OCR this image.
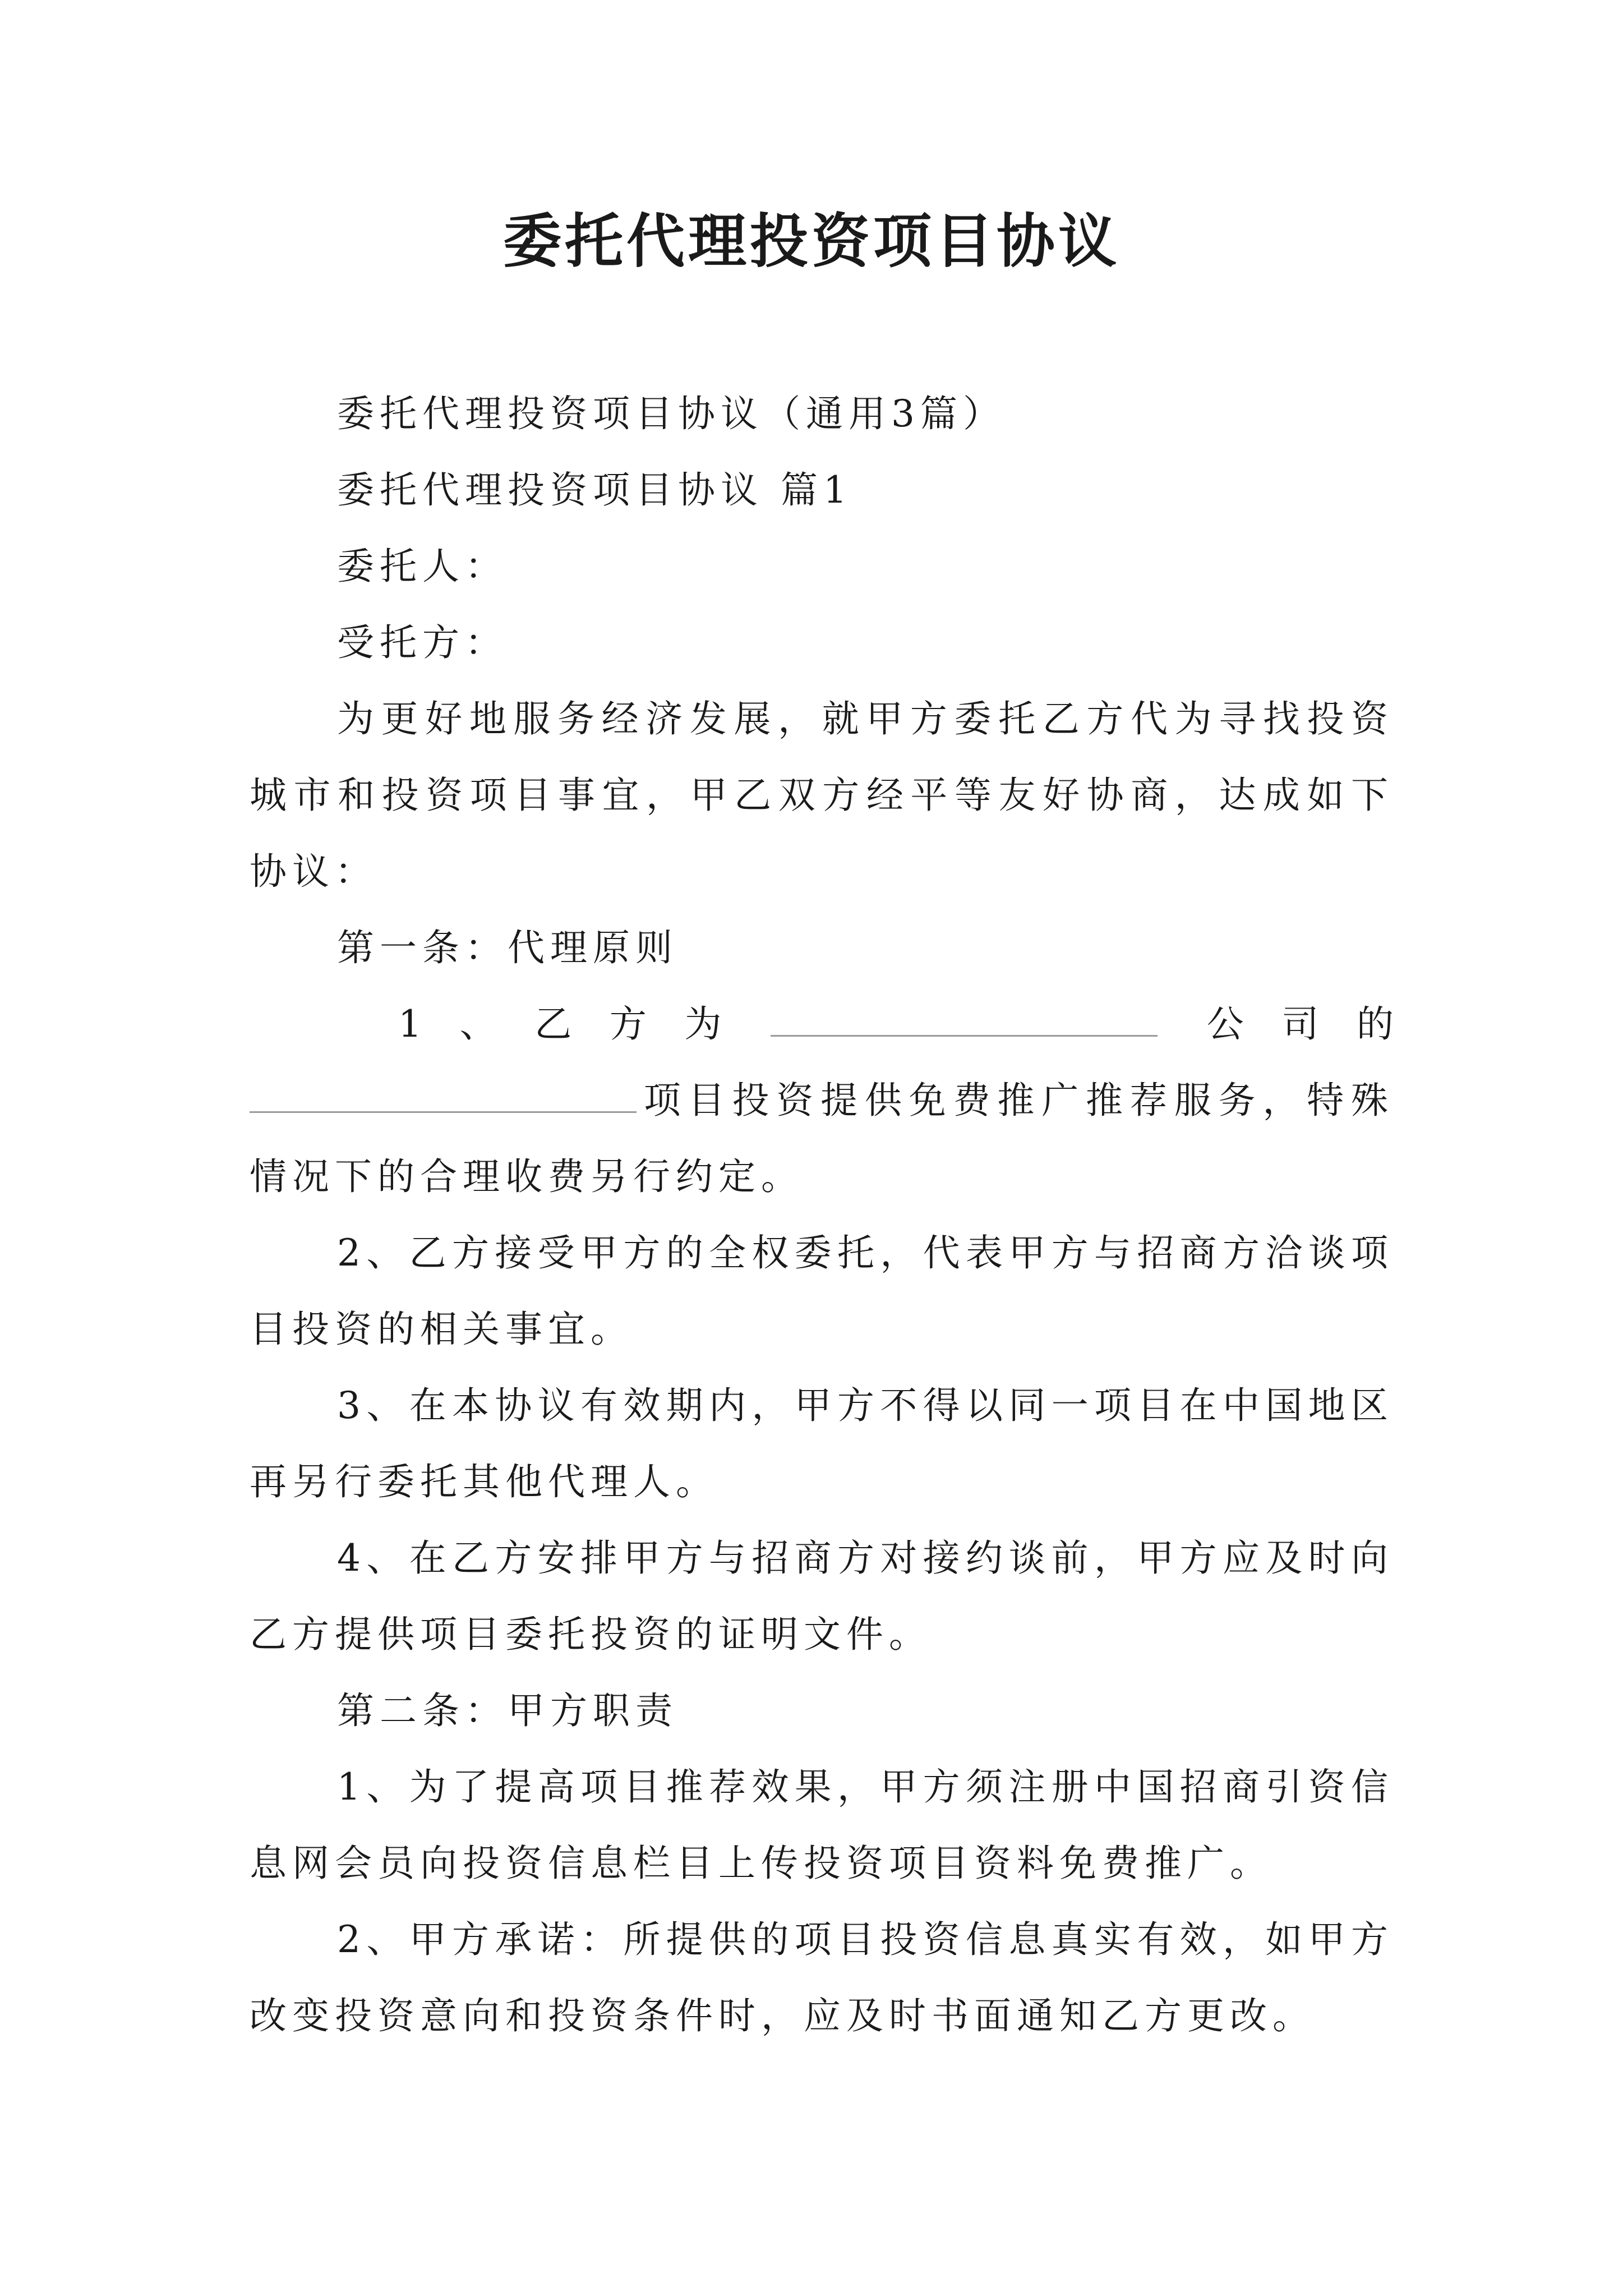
委托代理投资项目协议

委托代理投资项目协议（通用3篇）

委托代理投资项目协议 篇1

委托人：

受托方：

为更好地服务经济发展，就甲方委托乙方代为寻找投资城市和投资项目事宜，甲乙双方经平等友好协商，达成如下协议：

第一条：代理原则

1 、 乙 方 为	公 司 的

项目投资提供免费推广推荐服务，特殊情况下的合理收费另行约定。

2、乙方接受甲方的全权委托，代表甲方与招商方洽谈项目投资的相关事宜。

3、在本协议有效期内，甲方不得以同一项目在中国地区再另行委托其他代理人。

4、在乙方安排甲方与招商方对接约谈前，甲方应及时向乙方提供项目委托投资的证明文件。

第二条：甲方职责

1、为了提高项目推荐效果，甲方须注册中国招商引资信息网会员向投资信息栏目上传投资项目资料免费推广。

2、甲方承诺：所提供的项目投资信息真实有效，如甲方改变投资意向和投资条件时，应及时书面通知乙方更改。
